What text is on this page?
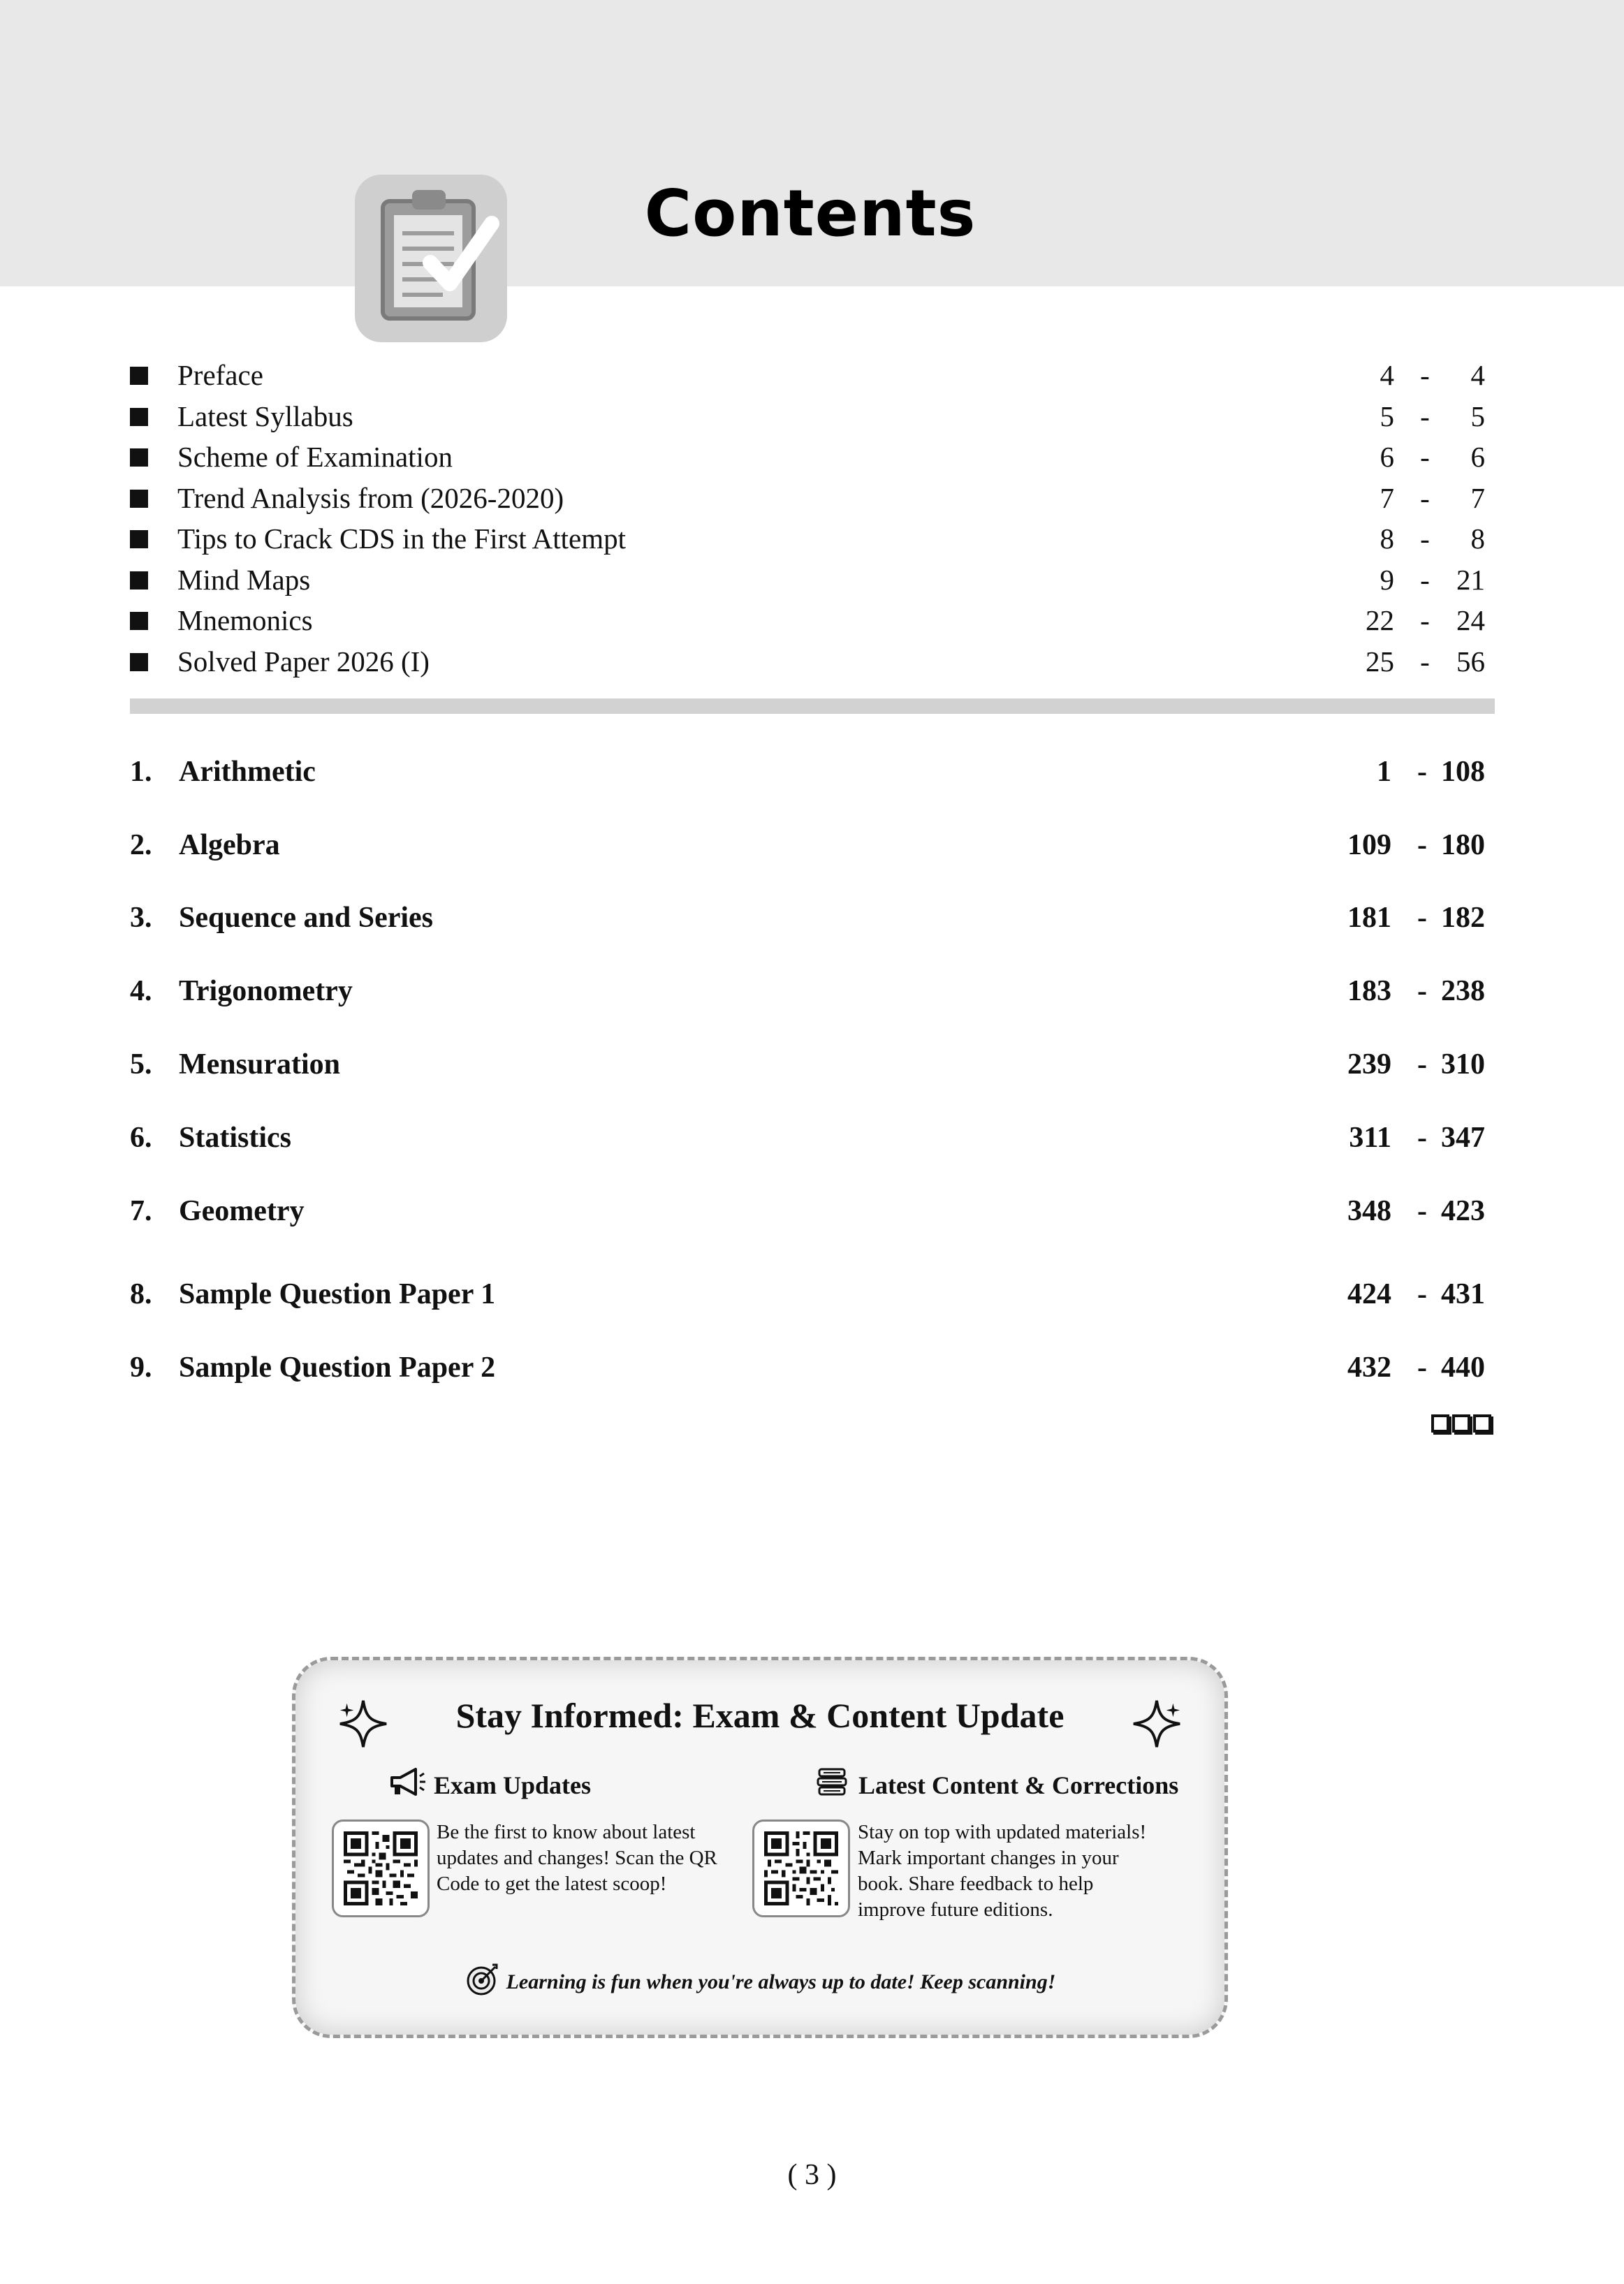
Contents
Preface	4 -	4
Latest Syllabus	5 -	5
Scheme of Examination	6 -	6
Trend Analysis from (2026-2020)	7 -	7
Tips to Crack CDS in the First Attempt	8 -	8
Mind Maps	9 - 21
Mnemonics	22 - 24
Solved Paper 2026 (I)	25 - 56
1. Arithmetic	1 - 108
2. Algebra	109 - 180
3. Sequence and Series	181 - 182
4. Trigonometry	183 - 238
5. Mensuration	239 - 310
6. Statistics	311 - 347
7. Geometry	348 - 423
8. Sample Question Paper 1	424 - 431
9. Sample Question Paper 2	432 - 440
Stay Informed: Exam & Content Update
Exam Updates
Be the first to know about latest updates and changes! Scan the QR Code to get the latest scoop!
Latest Content & Corrections
Stay on top with updated materials! Mark important changes in your book. Share feedback to help improve future editions.
Learning is fun when you're always up to date! Keep scanning!
( 3 )
